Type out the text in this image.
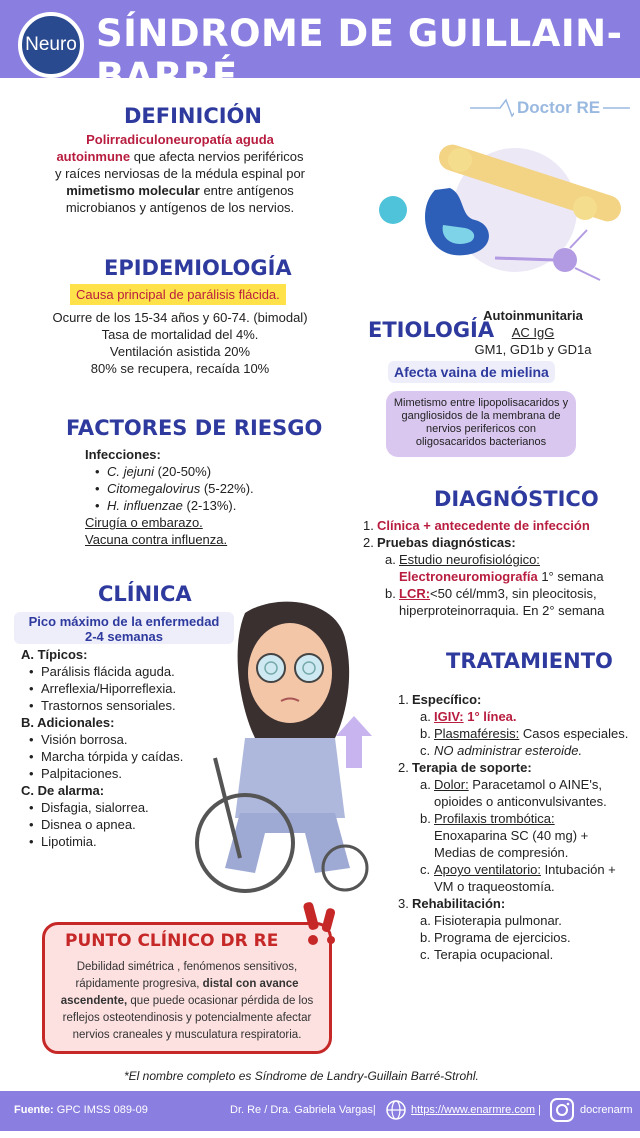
Neuro SÍNDROME DE GUILLAIN-BARRÉ
Doctor RE
DEFINICIÓN
Polirradiculoneuropatía aguda
autoinmune que afecta nervios periféricos
y raíces nerviosas de la médula espinal por
mimetismo molecular entre antígenos
microbianos y antígenos de los nervios.
EPIDEMIOLOGÍA
Causa principal de parálisis flácida.
Ocurre de los 15-34 años y 60-74. (bimodal)
Tasa de mortalidad del 4%.
Ventilación asistida 20%
80% se recupera, recaída 10%
ETIOLOGÍA
Autoinmunitaria
AC IgG
GM1, GD1b y GD1a
Afecta vaina de mielina
Mimetismo entre lipopolisacaridos y gangliosidos de la membrana de nervios perifericos con oligosacaridos bacterianos
FACTORES DE RIESGO
Infecciones:
• C. jejuni (20-50%)
• Citomegalovirus (5-22%).
• H. influenzae (2-13%).
Cirugía o embarazo.
Vacuna contra influenza.
DIAGNÓSTICO
1. Clínica + antecedente de infección
2. Pruebas diagnósticas:
a. Estudio neurofisiológico:
Electroneuromiografía 1° semana
b. LCR:<50 cél/mm3, sin pleocitosis,
hiperproteinorraquia. En 2° semana
CLÍNICA
Pico máximo de la enfermedad
2-4 semanas
A. Típicos:
• Parálisis flácida aguda.
• Arreflexia/Hiporreflexia.
• Trastornos sensoriales.
B. Adicionales:
• Visión borrosa.
• Marcha tórpida y caídas.
• Palpitaciones.
C. De alarma:
• Disfagia, sialorrea.
• Disnea o apnea.
• Lipotimia.
TRATAMIENTO
1. Específico:
a. IGIV: 1° línea.
b. Plasmaféresis: Casos especiales.
c. NO administrar esteroide.
2. Terapia de soporte:
a. Dolor: Paracetamol o AINE's,
opioides o anticonvulsivantes.
b. Profilaxis trombótica:
Enoxaparina SC (40 mg) +
Medias de compresión.
c. Apoyo ventilatorio: Intubación +
VM o traqueostomía.
3. Rehabilitación:
a. Fisioterapia pulmonar.
b. Programa de ejercicios.
c. Terapia ocupacional.
PUNTO CLÍNICO DR RE
Debilidad simétrica , fenómenos sensitivos,
rápidamente progresiva, distal con avance
ascendente, que puede ocasionar pérdida de los
reflejos osteotendinosis y potencialmente afectar
nervios craneales y musculatura respiratoria.
*El nombre completo es Síndrome de Landry-Guillain Barré-Strohl.
Fuente: GPC IMSS 089-09	Dr. Re / Dra. Gabriela Vargas|	https://www.enarmre.com |	docrenarm
